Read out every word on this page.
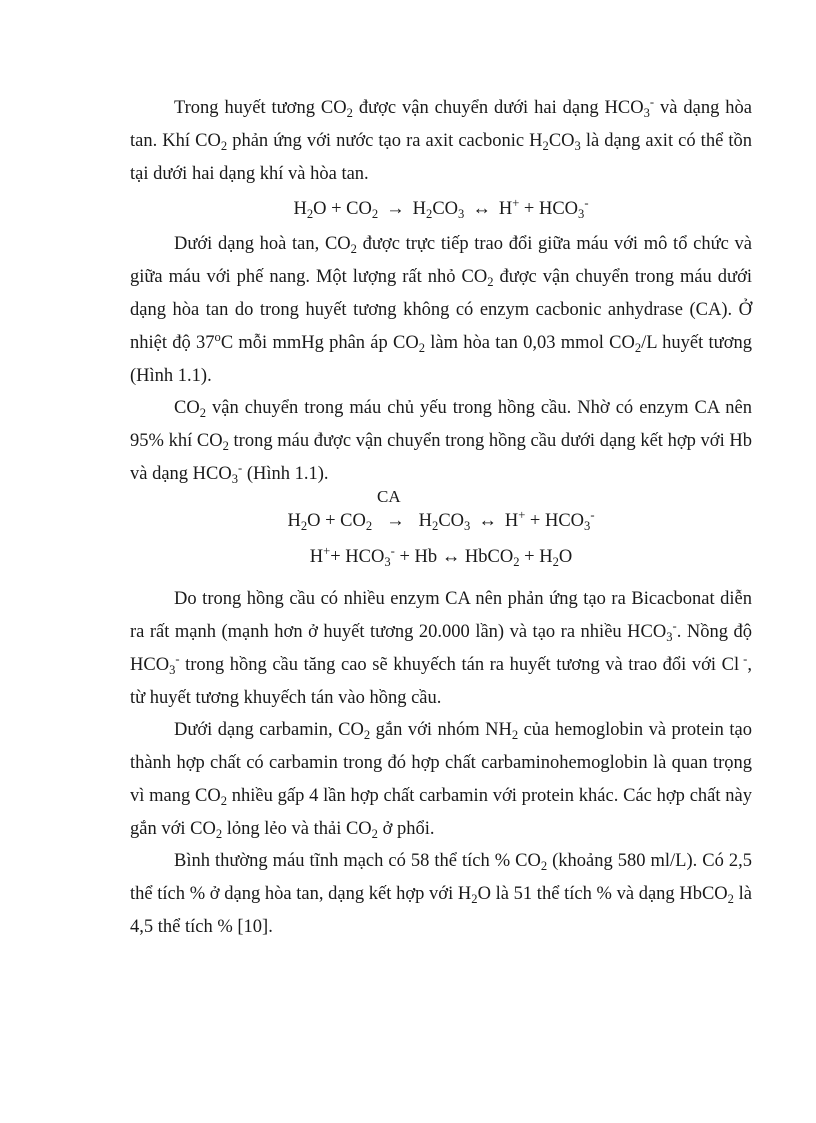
Trong huyết tương $CO_2$ được vận chuyển dưới hai dạng $HCO_3^-$ và dạng hòa tan. Khí $CO_2$ phản ứng với nước tạo ra axit cacbonic $H_2CO_3$ là dạng axit có thể tồn tại dưới hai dạng khí và hòa tan.

$H_2O + CO_2 \to H_2CO_3$ ↔ $H^+ + HCO_3^-$

Dưới dạng hoà tan, $CO_2$ được trực tiếp trao đổi giữa máu với mô tổ chức và giữa máu với phế nang. Một lượng rất nhỏ $CO_2$ được vận chuyển trong máu dưới dạng hòa tan do trong huyết tương không có enzym cacbonic anhydrase (CA). Ở nhiệt độ 37$^o$C mỗi mmHg phân áp $CO_2$ làm hòa tan 0,03 mmol $CO_2/L$ huyết tương (Hình 1.1).

$CO_2$ vận chuyển trong máu chủ yếu trong hồng cầu. Nhờ có enzym CA nên 95% khí $CO_2$ trong máu được vận chuyển trong hồng cầu dưới dạng kết hợp với Hb và dạng $HCO_3^-$ (Hình 1.1).

CA
$H_2O + CO_2 \to H_2CO_3$ ↔ $H^+ + HCO_3^-$
$H^++ HCO_3^- + Hb$ ↔ HbCO$_2$ + $H_2O$

Do trong hồng cầu có nhiều enzym CA nên phản ứng tạo ra Bicacbonat diễn ra rất mạnh (mạnh hơn ở huyết tương 20.000 lần) và tạo ra nhiều $HCO_3^-$. Nồng độ $HCO_3^-$ trong hồng cầu tăng cao sẽ khuyếch tán ra huyết tương và trao đổi với Cl -, từ huyết tương khuyếch tán vào hồng cầu.

Dưới dạng carbamin, $CO_2$ gắn với nhóm $NH_2$ của hemoglobin và protein tạo thành hợp chất có carbamin trong đó hợp chất carbaminohemoglobin là quan trọng vì mang $CO_2$ nhiều gấp 4 lần hợp chất carbamin với protein khác. Các hợp chất này gắn với $CO_2$ lỏng lẻo và thải $CO_2$ ở phổi.

Bình thường máu tĩnh mạch có 58 thể tích % $CO_2$ (khoảng 580 ml/L). Có 2,5 thể tích % ở dạng hòa tan, dạng kết hợp với $H_2O$ là 51 thể tích % và dạng HbCO$_2$ là 4,5 thể tích % [10].
